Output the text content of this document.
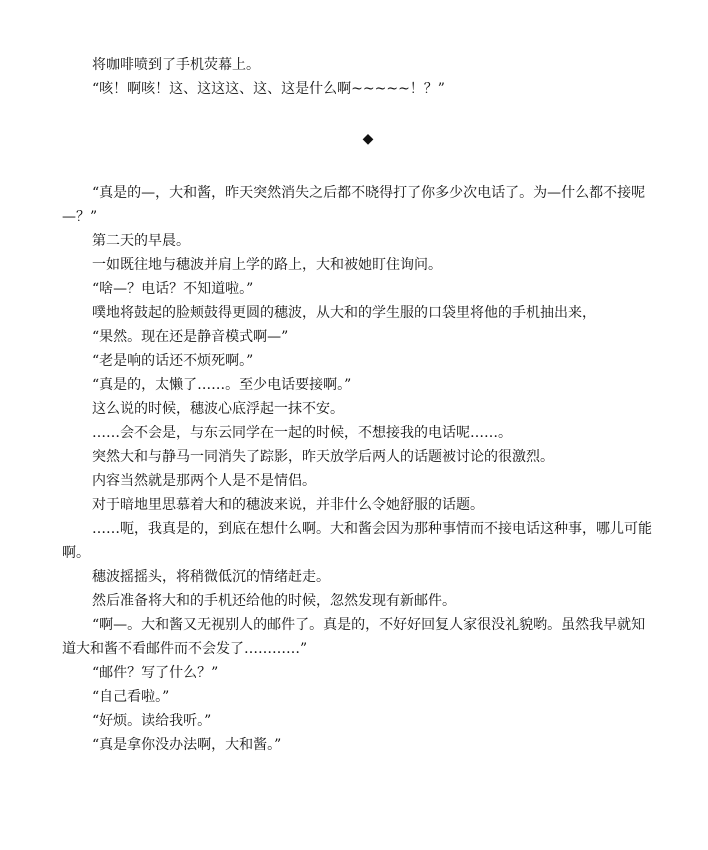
将咖啡喷到了手机荧幕上。

“咳！啊咳！这、这这这、这、这是什么啊~~~~~！？”

◆

“真是的—，大和酱，昨天突然消失之后都不晓得打了你多少次电话了。为—什么都不接呢—？”

第二天的早晨。

一如既往地与穗波并肩上学的路上，大和被她盯住询问。

“啥—？电话？不知道啦。”

噗地将鼓起的脸颊鼓得更圆的穗波，从大和的学生服的口袋里将他的手机抽出来，

“果然。现在还是静音模式啊—”

“老是响的话还不烦死啊。”

“真是的，太懒了……。至少电话要接啊。”

这么说的时候，穗波心底浮起一抹不安。

……会不会是，与东云同学在一起的时候，不想接我的电话呢……。

突然大和与静马一同消失了踪影，昨天放学后两人的话题被讨论的很激烈。

内容当然就是那两个人是不是情侣。

对于暗地里思慕着大和的穗波来说，并非什么令她舒服的话题。

……呃，我真是的，到底在想什么啊。大和酱会因为那种事情而不接电话这种事，哪儿可能啊。

穗波摇摇头，将稍微低沉的情绪赶走。

然后准备将大和的手机还给他的时候，忽然发现有新邮件。

“啊—。大和酱又无视别人的邮件了。真是的，不好好回复人家很没礼貌哟。虽然我早就知道大和酱不看邮件而不会发了…………”

“邮件？写了什么？”

“自己看啦。”

“好烦。读给我听。”

“真是拿你没办法啊，大和酱。”
